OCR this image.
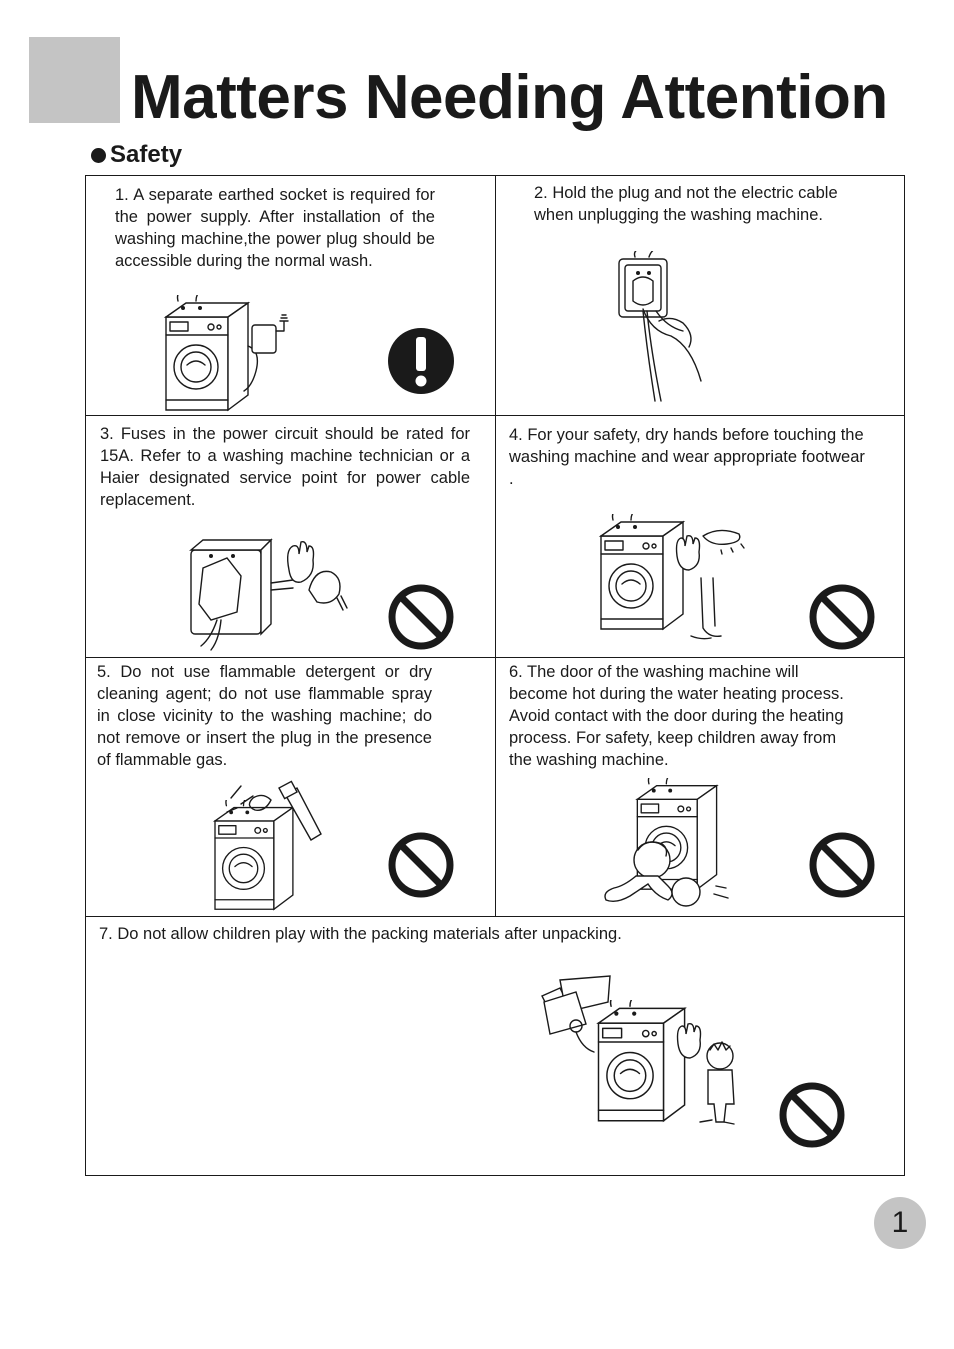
Matters Needing Attention
Safety

1. A separate earthed socket is required for the power supply. After installation of the washing machine,the power plug should be accessible during the normal wash.

2. Hold the plug and not the electric cable when unplugging the washing machine.

3. Fuses in the power circuit should be rated for 15A. Refer to a washing machine technician or a Haier designated service point for power cable replacement.

4. For your safety, dry hands before touching the washing machine and wear appropriate footwear .

5. Do not use flammable detergent or dry cleaning agent; do not use flammable spray in close vicinity to the washing machine; do not remove or insert the plug in the presence of flammable gas.

6. The door of the washing machine will become hot during the water heating process. Avoid contact with the door during the heating process. For safety, keep children away from the washing machine.

7. Do not allow children play with the packing materials after unpacking.

1
